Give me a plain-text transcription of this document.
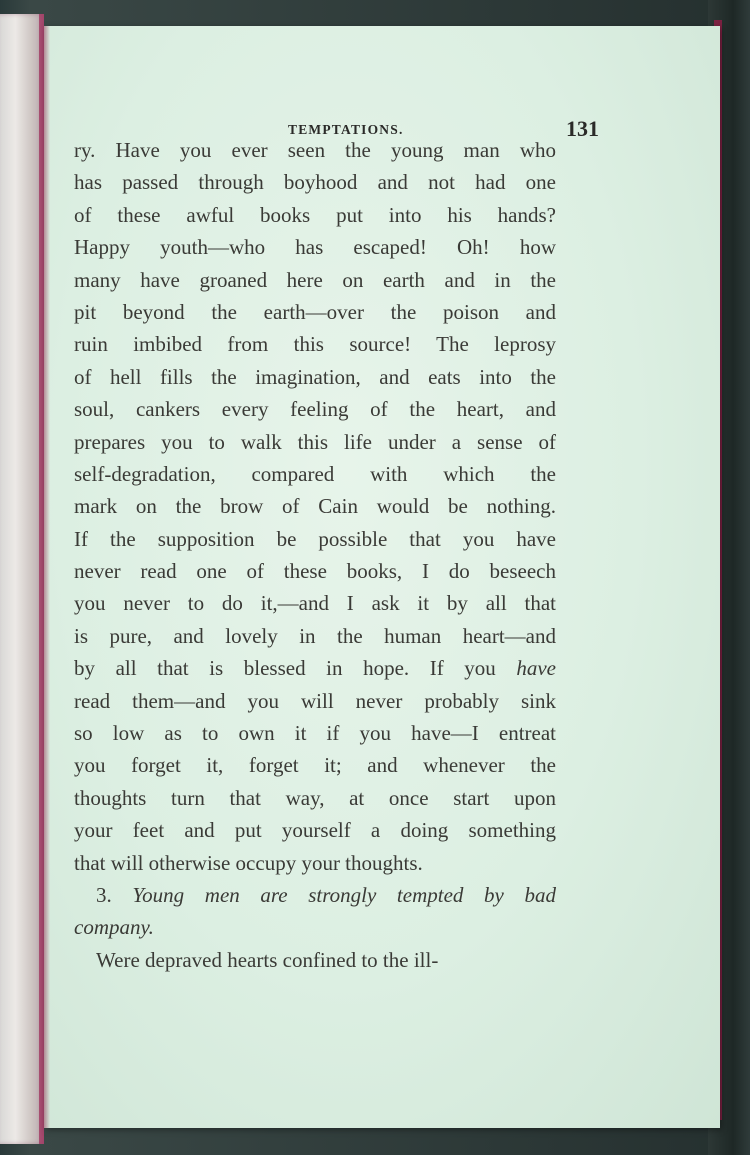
TEMPTATIONS.	131
ry. Have you ever seen the young man who
has passed through boyhood and not had one
of these awful books put into his hands?
Happy youth—who has escaped! Oh! how
many have groaned here on earth and in the
pit beyond the earth—over the poison and
ruin imbibed from this source! The leprosy
of hell fills the imagination, and eats into the
soul, cankers every feeling of the heart, and
prepares you to walk this life under a sense of
self-degradation, compared with which the
mark on the brow of Cain would be nothing.
If the supposition be possible that you have
never read one of these books, I do beseech
you never to do it,—and I ask it by all that
is pure, and lovely in the human heart—and
by all that is blessed in hope. If you have
read them—and you will never probably sink
so low as to own it if you have—I entreat
you forget it, forget it; and whenever the
thoughts turn that way, at once start upon
your feet and put yourself a doing something
that will otherwise occupy your thoughts.
3. Young men are strongly tempted by bad
company.
Were depraved hearts confined to the ill-
